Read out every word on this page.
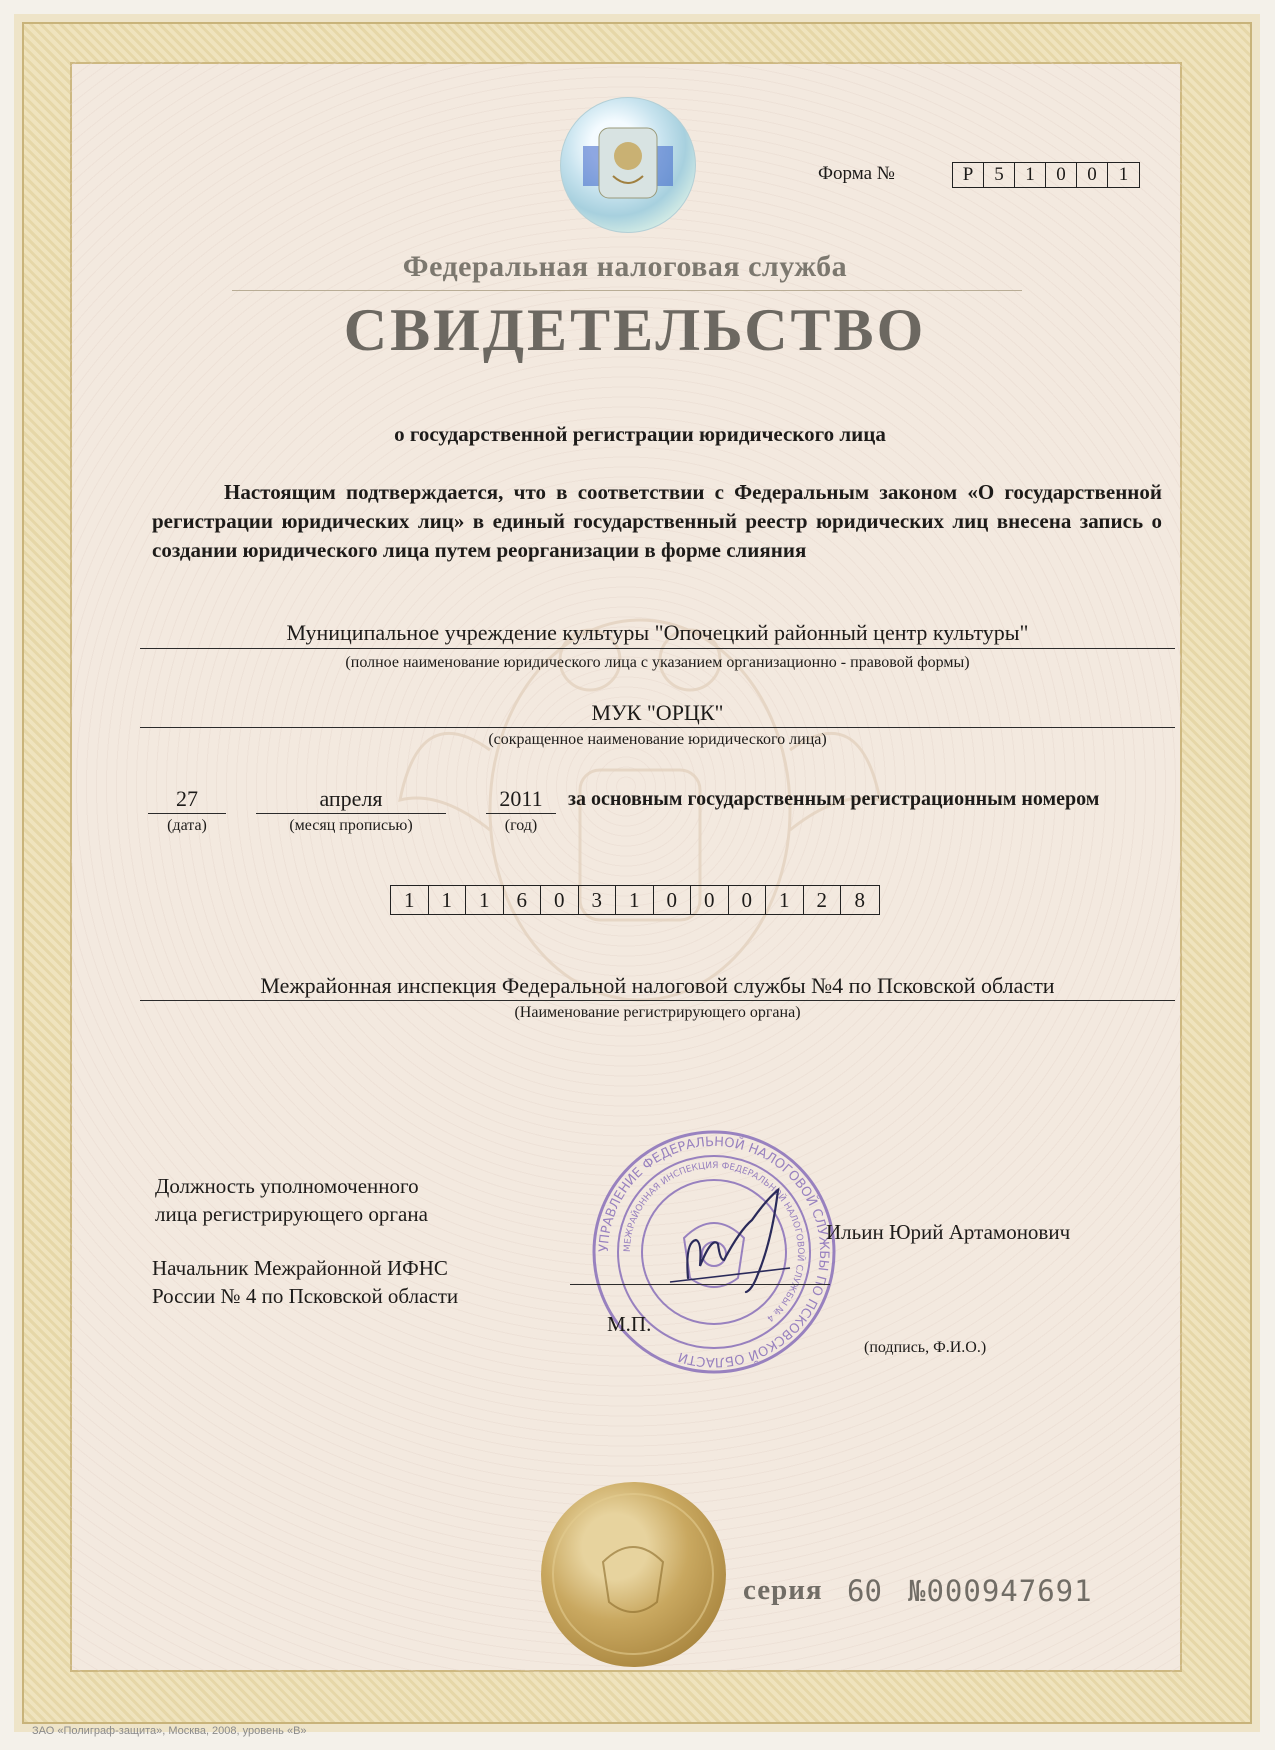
Форма №	Р	5	1	0	0	1
Федеральная налоговая служба
СВИДЕТЕЛЬСТВО
о государственной регистрации юридического лица
Настоящим подтверждается, что в соответствии с Федеральным законом «О государственной регистрации юридических лиц» в единый государственный реестр юридических лиц внесена запись о создании юридического лица путем реорганизации в форме слияния
Муниципальное учреждение культуры "Опочецкий районный центр культуры"
(полное наименование юридического лица с указанием организационно - правовой формы)
МУК "ОРЦК"
(сокращенное наименование юридического лица)
27
(дата)
апреля
(месяц прописью)
2011
(год)
за основным государственным регистрационным номером
1	1	1	6	0	3	1	0	0	0	1	2	8
Межрайонная инспекция Федеральной налоговой службы №4 по Псковской области
(Наименование регистрирующего органа)
Должность уполномоченного
лица регистрирующего органа
Начальник Межрайонной ИФНС
России № 4 по Псковской области
УПРАВЛЕНИЕ ФЕДЕРАЛЬНОЙ НАЛОГОВОЙ СЛУЖБЫ ПО ПСКОВСКОЙ ОБЛАСТИ
МЕЖРАЙОННАЯ ИНСПЕКЦИЯ ФЕДЕРАЛЬНОЙ НАЛОГОВОЙ СЛУЖБЫ № 4
М.П.
Ильин Юрий Артамонович
(подпись, Ф.И.О.)
серия 60 №000947691
ЗАО «Полиграф-защита», Москва, 2008, уровень «В»
